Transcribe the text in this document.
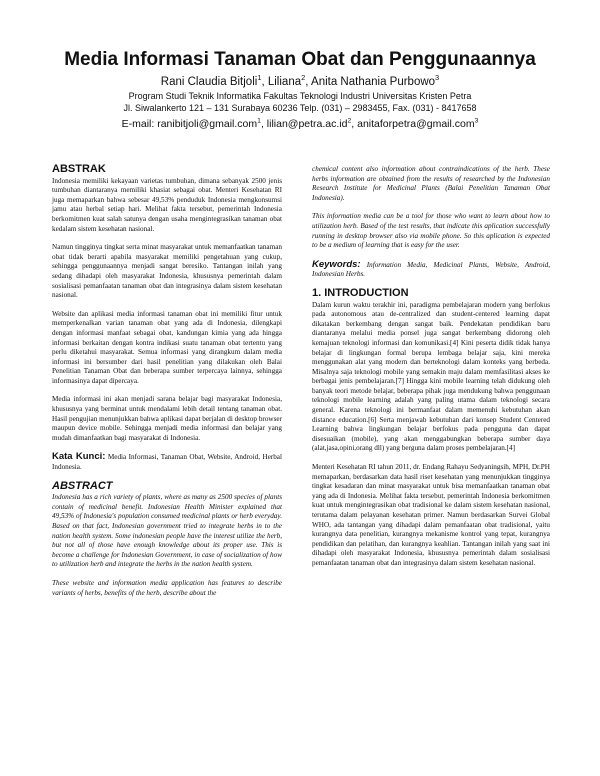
Media Informasi Tanaman Obat dan Penggunaannya
Rani Claudia Bitjoli$^1$, Liliana$^2$, Anita Nathania Purbowo$^3$
Program Studi Teknik Informatika Fakultas Teknologi Industri Universitas Kristen Petra
Jl. Siwalankerto 121 – 131 Surabaya 60236 Telp. (031) – 2983455, Fax. (031) - 8417658
E-mail: ranibitjoli@gmail.com$^1$, $lilian@petra.ac.id^2$, anitaforpetra@gmail.com$^3$
ABSTRAK

Indonesia memiliki kekayaan varietas tumbuhan, dimana sebanyak 2500 jenis tumbuhan diantaranya memiliki khasiat sebagai obat. Menteri Kesehatan RI juga memaparkan bahwa sebesar 49,53% penduduk Indonesia mengkonsumsi jamu atau herbal setiap hari. Melihat fakta tersebut, pemerintah Indonesia berkomitmen kuat salah satunya dengan usaha mengintegrasikan tanaman obat kedalam sistem kesehatan nasional.

Namun tingginya tingkat serta minat masyarakat untuk memanfaatkan tanaman obat tidak berarti apabila masyarakat memiliki pengetahuan yang cukup, sehingga penggunaannya menjadi sangat beresiko. Tantangan inilah yang sedang dihadapi oleh masyarakat Indonesia, khususnya pemerintah dalam sosialisasi pemanfaatan tanaman obat dan integrasinya dalam sistem kesehatan nasional.

Website dan aplikasi media informasi tanaman obat ini memiliki fitur untuk memperkenalkan varian tanaman obat yang ada di Indonesia, dilengkapi dengan informasi manfaat sebagai obat, kandungan kimia yang ada hingga informasi berkaitan dengan kontra indikasi suatu tanaman obat tertentu yang perlu diketahui masyarakat. Semua informasi yang dirangkum dalam media informasi ini bersumber dari hasil penelitian yang dilakukan oleh Balai Penelitian Tanaman Obat dan beberapa sumber terpercaya lainnya, sehingga informasinya dapat dipercaya.

Media informasi ini akan menjadi sarana belajar bagi masyarakat Indonesia, khususnya yang berminat untuk mendalami lebih detail tentang tanaman obat. Hasil pengujian menunjukkan bahwa aplikasi dapat berjalan di desktop browser maupun device mobile. Sehingga menjadi media informasi dan belajar yang mudah dimanfaatkan bagi masyarakat di Indonesia.

Kata Kunci: Media Informasi, Tanaman Obat, Website, Android, Herbal Indonesia.

ABSTRACT

Indonesia has a rich variety of plants, where as many as 2500 species of plants contain of medicinal benefit. Indonesian Health Minister explained that 49,53% of Indonesia's population consumed medicinal plants or herb everyday. Based on that fact, Indonesian government tried to integrate herbs in to the nation health system. Some indonesian people have the interest utilize the herb, but not all of those have enough knowledge about its proper use. This is become a challenge for Indonesian Government, in case of socialization of how to utilization herb and integrate the herbs in the nation health system.

These website and information media application has features to describe variants of herbs, benefits of the herb, describe about the

chemical content also information about contraindications of the herb. These herbs information are obtained from the results of researched by the Indonesian Research Institute for Medicinal Plants (Balai Penelitian Tanaman Obat Indonesia).

This information media can be a tool for those who want to learn about how to utilization herb. Based of the test results, that indicate this aplication successfully running in desktop browser also via mobile phone. So this aplication is expected to be a medium of learning that is easy for the user.

Keywords: Information Media, Medicinal Plants, Website, Android, Indonesian Herbs.

1. INTRODUCTION

Dalam kurun waktu terakhir ini, paradigma pembelajaran modern yang berfokus pada autonomous atau de-centralized dan student-centered learning dapat dikatakan berkembang dengan sangat baik. Pendekatan pendidikan baru diantaranya melalui media ponsel juga sangat berkembang didorong oleh kemajuan teknologi informasi dan komunikasi.[4] Kini peserta didik tidak hanya belajar di lingkungan formal berupa lembaga belajar saja, kini mereka menggunakan alat yang modern dan berteknologi dalam konteks yang berbeda. Misalnya saja teknologi mobile yang semakin maju dalam memfasilitasi akses ke berbagai jenis pembelajaran.[7] Hingga kini mobile learning telah didukung oleh banyak teori metode belajar, beberapa pihak juga mendukung bahwa penggunaan teknologi mobile learning adalah yang paling utama dalam teknologi secara general. Karena teknologi ini bermanfaat dalam memenuhi kebutuhan akan distance education.[6] Serta menjawab kebutuhan dari konsep Student Centered Learning bahwa lingkungan belajar berfokus pada pengguna dan dapat disesuaikan (mobile), yang akan menggabungkan beberapa sumber daya (alat,jasa,opini,orang dll) yang berguna dalam proses pembelajaran.[4]

Menteri Kesehatan RI tahun 2011, dr. Endang Rahayu Sedyaningsih, MPH, Dr.PH memaparkan, berdasarkan data hasil riset kesehatan yang menunjukkan tingginya tingkat kesadaran dan minat masyarakat untuk bisa memanfaatkan tanaman obat yang ada di Indonesia. Melihat fakta tersebut, pemerintah Indonesia berkomitmen kuat untuk mengintegrasikan obat tradisional ke dalam sistem kesehatan nasional, terutama dalam pelayanan kesehatan primer. Namun berdasarkan Survei Global WHO, ada tantangan yang dihadapi dalam pemanfaatan obat tradisional, yaitu kurangnya data penelitian, kurangnya mekanisme kontrol yang tepat, kurangnya pendidikan dan pelatihan, dan kurangnya keahlian. Tantangan inilah yang saat ini dihadapi oleh masyarakat Indonesia, khususnya pemerintah dalam sosialisasi pemanfaatan tanaman obat dan integrasinya dalam sistem kesehatan nasional.
